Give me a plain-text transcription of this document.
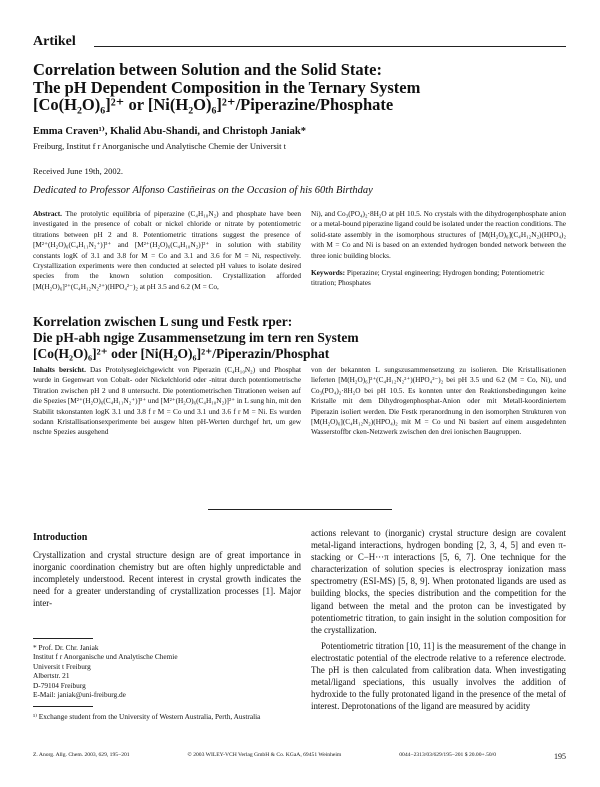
Artikel
Correlation between Solution and the Solid State:
The pH Dependent Composition in the Ternary System
[Co(H₂O)₆]²⁺ or [Ni(H₂O)₆]²⁺/Piperazine/Phosphate
Emma Craven¹⁾, Khalid Abu-Shandi, and Christoph Janiak*
Freiburg, Institut f r Anorganische und Analytische Chemie der Universit t
Received June 19th, 2002.
Dedicated to Professor Alfonso Castiñeiras on the Occasion of his 60th Birthday
Abstract. The protolytic equilibria of piperazine (C₄H₁₀N₂) and phosphate have been investigated in the presence of cobalt or nickel chloride or nitrate by potentiometric titrations between pH 2 and 8. Potentiometric titrations suggest the presence of [M²⁺(H₂O)₆(C₄H₁₁N₂⁺)]³⁺ and [M²⁺(H₂O)₆(C₄H₁₀N₂)]²⁺ in solution with stability constants logK of 3.1 and 3.8 for M = Co and 3.1 and 3.6 for M = Ni, respectively. Crystallization experiments were then conducted at selected pH values to isolate desired species from the known solution composition. Crystallization afforded [M(H₂O)₆]²⁺(C₄H₁₂N₂²⁺)(HPO₄²⁻)₂ at pH 3.5 and 6.2 (M = Co,
Ni), and Co₃(PO₄)₂·8H₂O at pH 10.5. No crystals with the dihydrogenphosphate anion or a metal-bound piperazine ligand could be isolated under the reaction conditions. The solid-state assembly in the isomorphous structures of [M(H₂O)₆](C₄H₁₂N₂)(HPO₄)₂ with M = Co and Ni is based on an extended hydrogen bonded network between the three ionic building blocks.
Keywords: Piperazine; Crystal engineering; Hydrogen bonding; Potentiometric titration; Phosphates
Korrelation zwischen L sung und Festk rper:
Die pH-abh ngige Zusammensetzung im tern ren System
[Co(H₂O)₆]²⁺ oder [Ni(H₂O)₆]²⁺/Piperazin/Phosphat
Inhalts bersicht. Das Protolysegleichgewicht von Piperazin (C₄H₁₀N₂) und Phosphat wurde in Gegenwart von Cobalt- oder Nickelchlorid oder -nitrat durch potentiometrische Titration zwischen pH 2 und 8 untersucht. Die potentiometrischen Titrationen weisen auf die Spezies [M²⁺(H₂O)₆(C₄H₁₁N₂⁺)]³⁺ und [M²⁺(H₂O)₆(C₄H₁₀N₂)]²⁺ in L sung hin, mit den Stabilit tskonstanten logK 3.1 und 3.8 f r M = Co und 3.1 und 3.6 f r M = Ni. Es wurden sodann Kristallisationsexperimente bei ausgew hlten pH-Werten durchgef hrt, um gew nschte Spezies ausgehend
von der bekannten L sungszusammensetzung zu isolieren. Die Kristallisationen lieferten [M(H₂O)₆]²⁺(C₄H₁₂N₂²⁺)(HPO₄²⁻)₂ bei pH 3.5 und 6.2 (M = Co, Ni), und Co₃(PO₄)₂·8H₂O bei pH 10.5. Es konnten unter den Reaktionsbedingungen keine Kristalle mit dem Dihydrogenphosphat-Anion oder mit Metall-koordiniertem Piperazin isoliert werden. Die Festk rperanordnung in den isomorphen Strukturen von [M(H₂O)₆](C₄H₁₂N₂)(HPO₄)₂ mit M = Co und Ni basiert auf einem ausgedehnten Wasserstoffbr cken-Netzwerk zwischen den drei ionischen Baugruppen.
Introduction

Crystallization and crystal structure design are of great importance in inorganic coordination chemistry but are often highly unpredictable and incompletely understood. Recent interest in crystal growth indicates the need for a greater understanding of crystallization processes [1]. Major inter-

* Prof. Dr. Chr. Janiak
Institut f r Anorganische und Analytische Chemie
Universit t Freiburg
Albertstr. 21
D-79104 Freiburg
E-Mail: janiak@uni-freiburg.de
¹⁾ Exchange student from the University of Western Australia, Perth, Australia

actions relevant to (inorganic) crystal structure design are covalent metal-ligand interactions, hydrogen bonding [2, 3, 4, 5] and even π-stacking or C−H···π interactions [5, 6, 7]. One technique for the characterization of solution species is electrospray ionization mass spectrometry (ESI-MS) [5, 8, 9]. When protonated ligands are used as building blocks, the species distribution and the competition for the ligand between the metal and the proton can be investigated by potentiometric titration, to gain insight in the solution composition for the crystallization.

Potentiometric titration [10, 11] is the measurement of the change in electrostatic potential of the electrode relative to a reference electrode. The pH is then calculated from calibration data. When investigating metal/ligand speciations, this usually involves the addition of hydroxide to the fully protonated ligand in the presence of the metal of interest. Deprotonations of the ligand are measured by acidity

Z. Anorg. Allg. Chem. 2003, 629, 195−201	© 2003 WILEY-VCH Verlag GmbH & Co. KGaA, 69451 Weinheim	0044−2313/03/629/195−201 $ 20.00+.50/0	195
